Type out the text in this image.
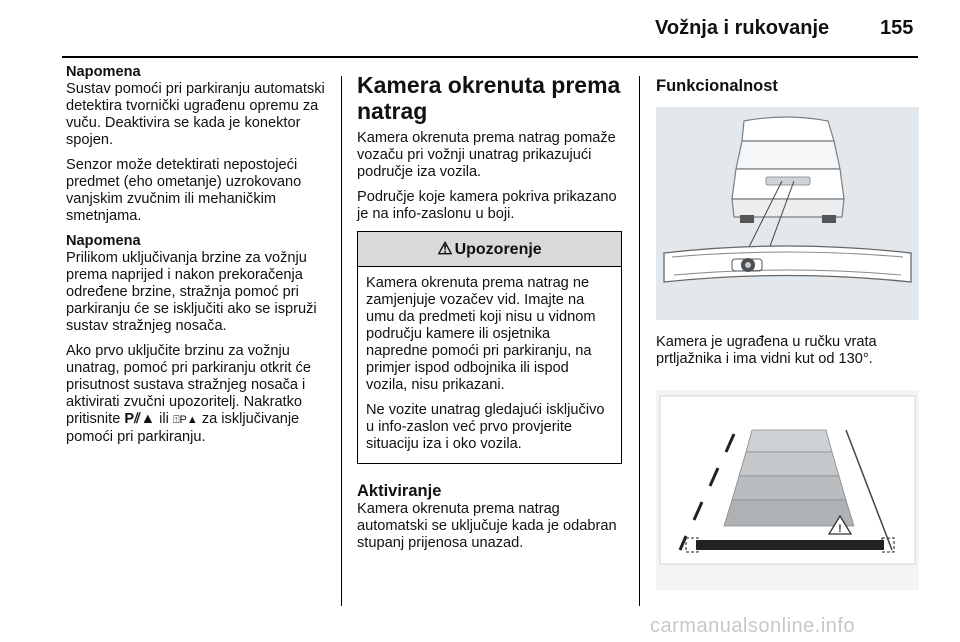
Vožnja i rukovanje	155

Napomena
Sustav pomoći pri parkiranju automatski detektira tvornički ugrađenu opremu za vuču. Deaktivira se kada je konektor spojen.

Senzor može detektirati nepostojeći predmet (eho ometanje) uzrokovano vanjskim zvučnim ili mehaničkim smetnjama.

Napomena
Prilikom uključivanja brzine za vožnju prema naprijed i nakon prekoračenja određene brzine, stražnja pomoć pri parkiranju će se isključiti ako se ispruži sustav stražnjeg nosača.

Ako prvo uključite brzinu za vožnju unatrag, pomoć pri parkiranju otkrit će prisutnost sustava stražnjeg nosača i aktivirati zvučni upozoritelj. Nakratko pritisnite P⫽▲ ili ⍐P▲ za isključivanje pomoći pri parkiranju.

Kamera okrenuta prema natrag

Kamera okrenuta prema natrag pomaže vozaču pri vožnji unatrag prikazujući područje iza vozila.

Područje koje kamera pokriva prikazano je na info-zaslonu u boji.

⚠ Upozorenje

Kamera okrenuta prema natrag ne zamjenjuje vozačev vid. Imajte na umu da predmeti koji nisu u vidnom području kamere ili osjetnika napredne pomoći pri parkiranju, na primjer ispod odbojnika ili ispod vozila, nisu prikazani.

Ne vozite unatrag gledajući isključivo u info-zaslon već prvo provjerite situaciju iza i oko vozila.

Aktiviranje

Kamera okrenuta prema natrag automatski se uključuje kada je odabran stupanj prijenosa unazad.

Funkcionalnost

Kamera je ugrađena u ručku vrata prtljažnika i ima vidni kut od 130°.

!
carmanualsonline.info
